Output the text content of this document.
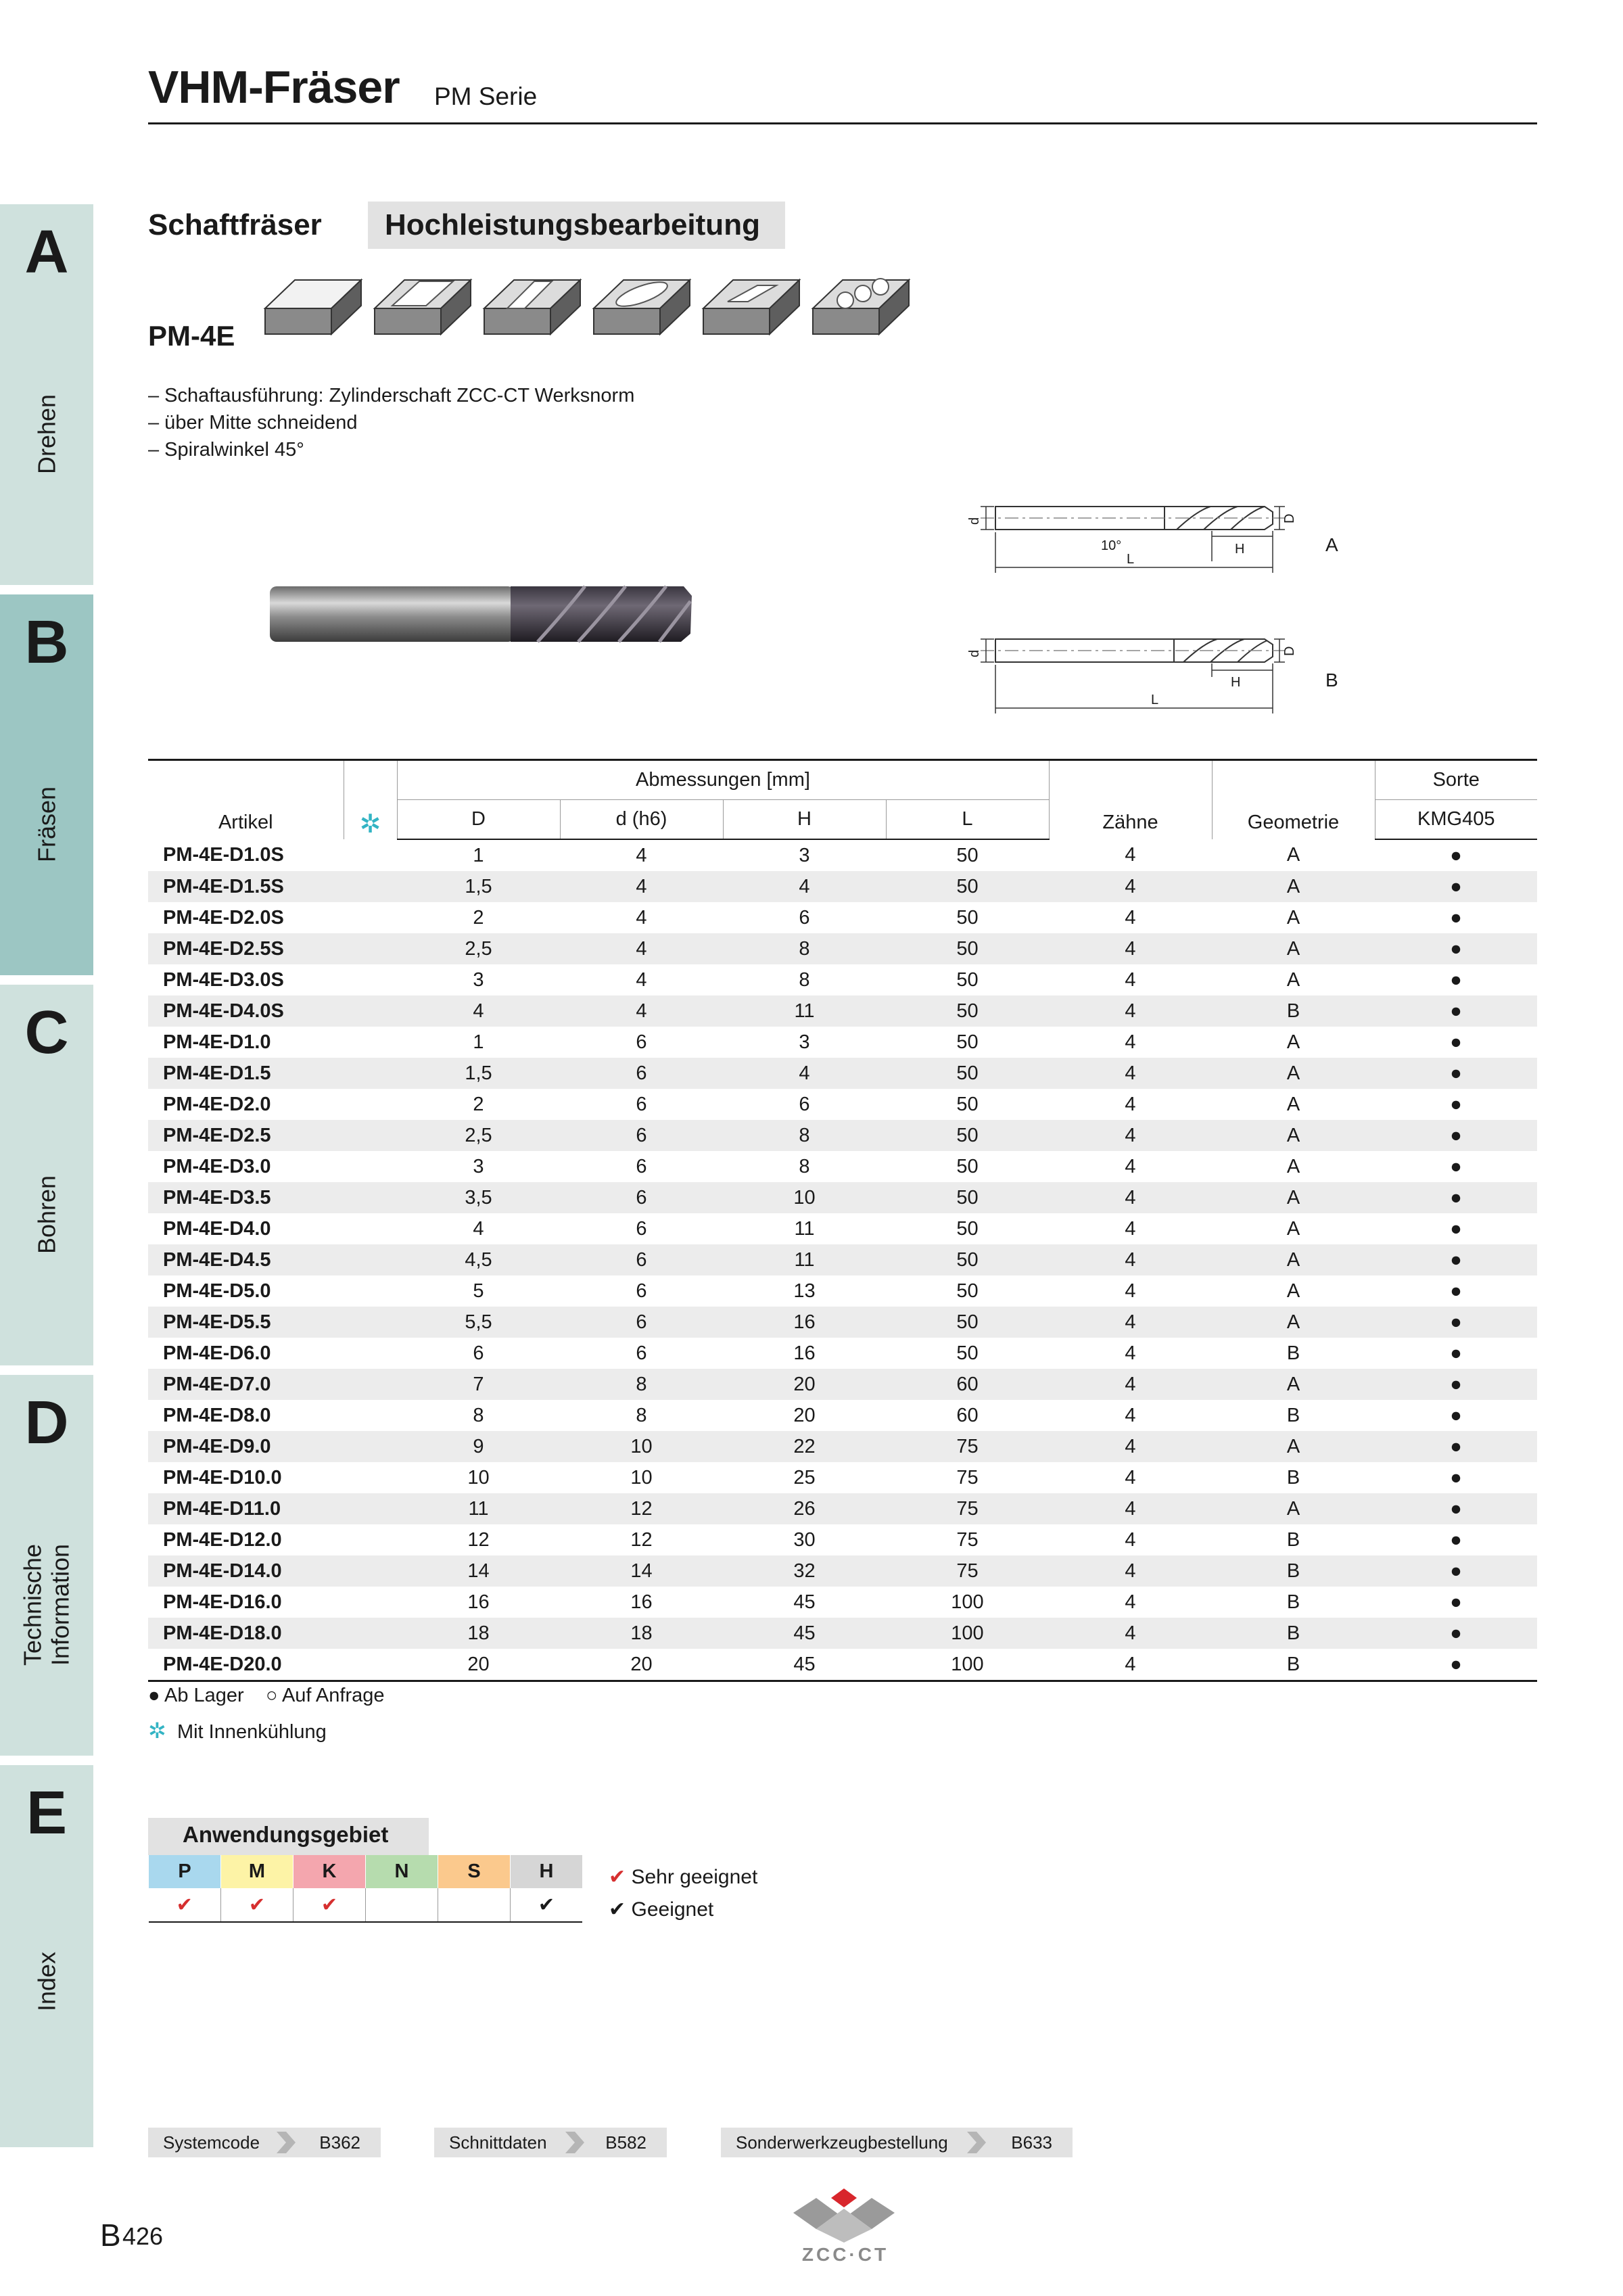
VHM-Fräser PM Serie
A
Drehen
B
Fräsen
C
Bohren
D
Technische Information
E
Index
Schaftfräser Hochleistungsbearbeitung
PM-4E
– Schaftausführung: Zylinderschaft ZCC-CT Werksnorm
– über Mitte schneidend
– Spiralwinkel 45°
d	D
H
10°
L
A
d	D
H
L
B
Artikel	✲	Abmessungen [mm]				Zähne	Geometrie	Sorte
		D	d (h6)	H	L			KMG405
PM-4E-D1.0S		1	4	3	50	4	A	●
PM-4E-D1.5S		1,5	4	4	50	4	A	●
PM-4E-D2.0S		2	4	6	50	4	A	●
PM-4E-D2.5S		2,5	4	8	50	4	A	●
PM-4E-D3.0S		3	4	8	50	4	A	●
PM-4E-D4.0S		4	4	11	50	4	B	●
PM-4E-D1.0		1	6	3	50	4	A	●
PM-4E-D1.5		1,5	6	4	50	4	A	●
PM-4E-D2.0		2	6	6	50	4	A	●
PM-4E-D2.5		2,5	6	8	50	4	A	●
PM-4E-D3.0		3	6	8	50	4	A	●
PM-4E-D3.5		3,5	6	10	50	4	A	●
PM-4E-D4.0		4	6	11	50	4	A	●
PM-4E-D4.5		4,5	6	11	50	4	A	●
PM-4E-D5.0		5	6	13	50	4	A	●
PM-4E-D5.5		5,5	6	16	50	4	A	●
PM-4E-D6.0		6	6	16	50	4	B	●
PM-4E-D7.0		7	8	20	60	4	A	●
PM-4E-D8.0		8	8	20	60	4	B	●
PM-4E-D9.0		9	10	22	75	4	A	●
PM-4E-D10.0		10	10	25	75	4	B	●
PM-4E-D11.0		11	12	26	75	4	A	●
PM-4E-D12.0		12	12	30	75	4	B	●
PM-4E-D14.0		14	14	32	75	4	B	●
PM-4E-D16.0		16	16	45	100	4	B	●
PM-4E-D18.0		18	18	45	100	4	B	●
PM-4E-D20.0		20	20	45	100	4	B	●
● Ab Lager ○ Auf Anfrage
✲ Mit Innenkühlung
Anwendungsgebiet
P	M	K	N	S	H
✔	✔	✔			✔
✔ Sehr geeignet
✔ Geeignet
Systemcode	B362	Schnittdaten	B582	Sonderwerkzeugbestellung	B633
B 426
ZCC·CT
